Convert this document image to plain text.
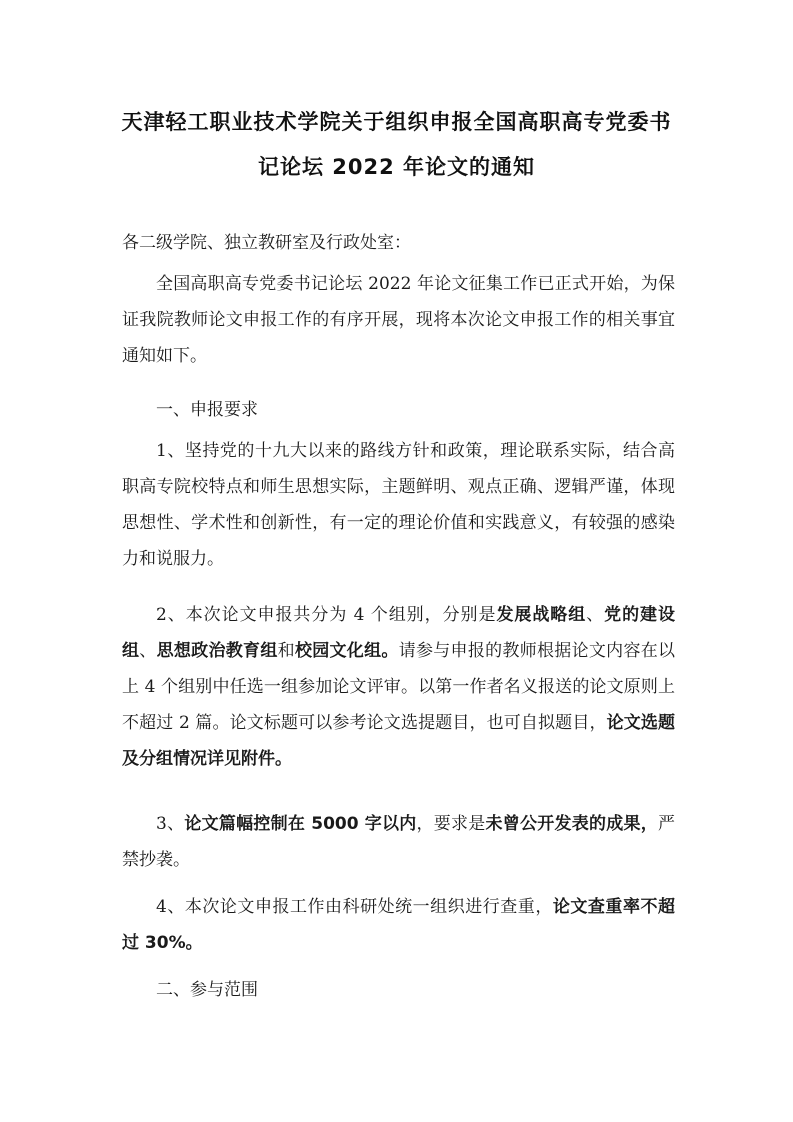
天津轻工职业技术学院关于组织申报全国高职高专党委书
记论坛 2022 年论文的通知

各二级学院、独立教研室及行政处室：

全国高职高专党委书记论坛 2022 年论文征集工作已正式开始，为保证我院教师论文申报工作的有序开展，现将本次论文申报工作的相关事宜通知如下。

一、申报要求

1、坚持党的十九大以来的路线方针和政策，理论联系实际，结合高职高专院校特点和师生思想实际，主题鲜明、观点正确、逻辑严谨，体现思想性、学术性和创新性，有一定的理论价值和实践意义，有较强的感染力和说服力。

2、本次论文申报共分为 4 个组别，分别是发展战略组、党的建设组、思想政治教育组和校园文化组。请参与申报的教师根据论文内容在以上 4 个组别中任选一组参加论文评审。以第一作者名义报送的论文原则上不超过 2 篇。论文标题可以参考论文选提题目，也可自拟题目，论文选题及分组情况详见附件。

3、论文篇幅控制在 5000 字以内，要求是未曾公开发表的成果，严禁抄袭。

4、本次论文申报工作由科研处统一组织进行查重，论文查重率不超过 30%。

二、参与范围
